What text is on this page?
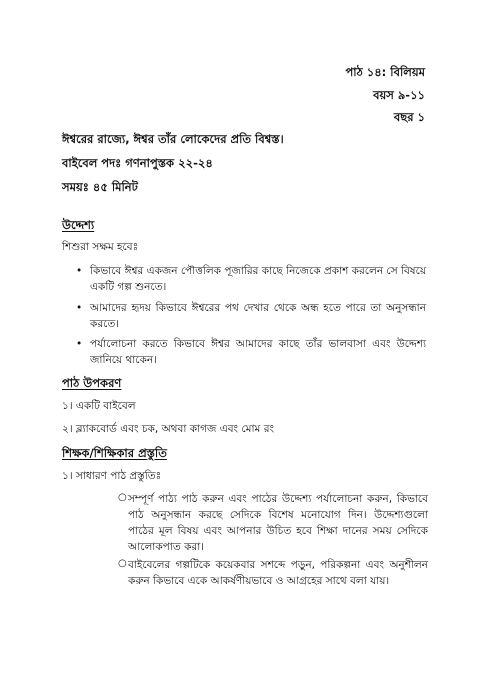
পাঠ ১৪: বিলিয়ম
বয়স ৯-১১
বছর ১
ঈশ্বরের রাজ্যে, ঈশ্বর তাঁর লোকেদের প্রতি বিশ্বস্ত।
বাইবেল পদঃ গণনাপুস্তক ২২-২৪
সময়ঃ ৪৫ মিনিট
উদ্দেশ্য
শিশুরা সক্ষম হবেঃ
• কিভাবে ঈশ্বর একজন পৌত্তলিক পূজারির কাছে নিজেকে প্রকাশ করলেন সে বিষয়ে একটি গল্প শুনতে।
• আমাদের হৃদয় কিভাবে ঈশ্বরের পথ দেখার থেকে অন্ধ হতে পারে তা অনুসন্ধান করতে।
• পর্যালোচনা করতে কিভাবে ঈশ্বর আমাদের কাছে তাঁর ভালবাসা এবং উদ্দেশ্য জানিয়ে থাকেন।
পাঠ উপকরণ
১। একটি বাইবেল
২। ব্ল্যাকবোর্ড এবং চক, অথবা কাগজ এবং মোম রং
শিক্ষক/শিক্ষিকার প্রস্তুতি
১। সাধারণ পাঠ প্রস্তুতিঃ
○ সম্পূর্ণ পাঠ্য পাঠ করুন এবং পাঠের উদ্দেশ্য পর্যালোচনা করুন, কিভাবে পাঠ অনুসন্ধান করছে সেদিকে বিশেষ মনোযোগ দিন। উদ্দেশ্যগুলো পাঠের মূল বিষয় এবং আপনার উচিত হবে শিক্ষা দানের সময় সেদিকে আলোকপাত করা।
○ বাইবেলের গল্পটিকে কয়েকবার সশব্দে পড়ুন, পরিকল্পনা এবং অনুশীলন করুন কিভাবে একে আকর্ষণীয়ভাবে ও আগ্রহের সাথে বলা যায়।
